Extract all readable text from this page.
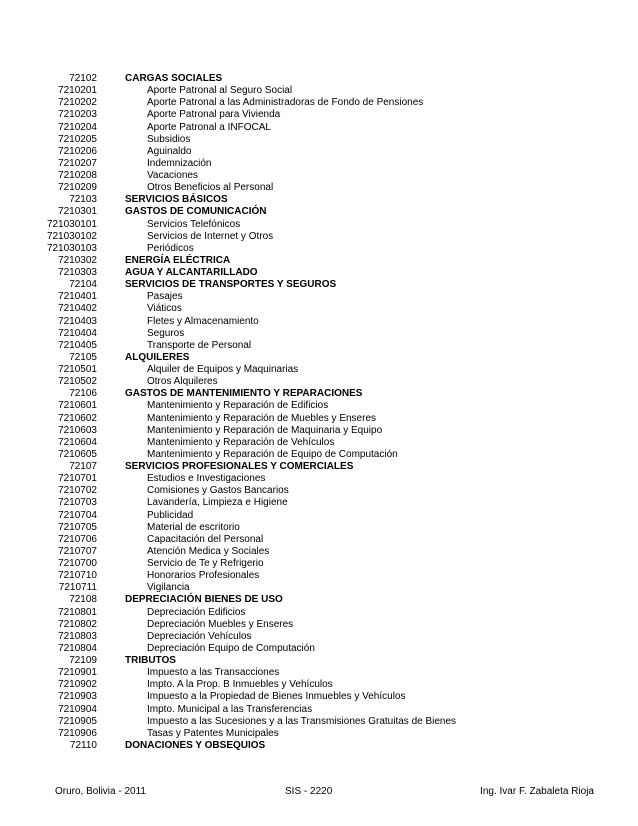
72102	CARGAS SOCIALES
7210201	Aporte Patronal al Seguro Social
7210202	Aporte Patronal a las Administradoras de Fondo de Pensiones
7210203	Aporte Patronal para Vivienda
7210204	Aporte Patronal a INFOCAL
7210205	Subsidios
7210206	Aguinaldo
7210207	Indemnización
7210208	Vacaciones
7210209	Otros Beneficios al Personal
72103	SERVICIOS BÁSICOS
7210301	GASTOS DE COMUNICACIÓN
721030101	Servicios Telefónicos
721030102	Servicios de Internet y Otros
721030103	Periódicos
7210302	ENERGÍA ELÉCTRICA
7210303	AGUA Y ALCANTARILLADO
72104	SERVICIOS DE TRANSPORTES Y SEGUROS
7210401	Pasajes
7210402	Viáticos
7210403	Fletes y Almacenamiento
7210404	Seguros
7210405	Transporte de Personal
72105	ALQUILERES
7210501	Alquiler de Equipos y Maquinarias
7210502	Otros Alquileres
72106	GASTOS DE MANTENIMIENTO Y REPARACIONES
7210601	Mantenimiento y Reparación de Edificios
7210602	Mantenimiento y Reparación de Muebles y Enseres
7210603	Mantenimiento y Reparación de Maquinaria y Equipo
7210604	Mantenimiento y Reparación de Vehículos
7210605	Mantenimiento y Reparación de Equipo de Computación
72107	SERVICIOS PROFESIONALES Y COMERCIALES
7210701	Estudios e Investigaciones
7210702	Comisiones y Gastos Bancarios
7210703	Lavandería, Limpieza e Higiene
7210704	Publicidad
7210705	Material de escritorio
7210706	Capacitación del Personal
7210707	Atención Medica y Sociales
7210700	Servicio de Te y Refrigerio
7210710	Honorarios Profesionales
7210711	Vigilancia
72108	DEPRECIACIÓN BIENES DE USO
7210801	Depreciación Edificios
7210802	Depreciación Muebles y Enseres
7210803	Depreciación Vehículos
7210804	Depreciación Equipo de Computación
72109	TRIBUTOS
7210901	Impuesto a las Transacciones
7210902	Impto. A la Prop. B Inmuebles y Vehículos
7210903	Impuesto a la Propiedad de Bienes Inmuebles y Vehículos
7210904	Impto. Municipal a las Transferencias
7210905	Impuesto a las Sucesiones y a las Transmisiones Gratuitas de Bienes
7210906	Tasas y Patentes Municipales
72110	DONACIONES Y OBSEQUIOS
Oruro, Bolivia - 2011	SIS - 2220	Ing. Ivar F. Zabaleta Rioja
